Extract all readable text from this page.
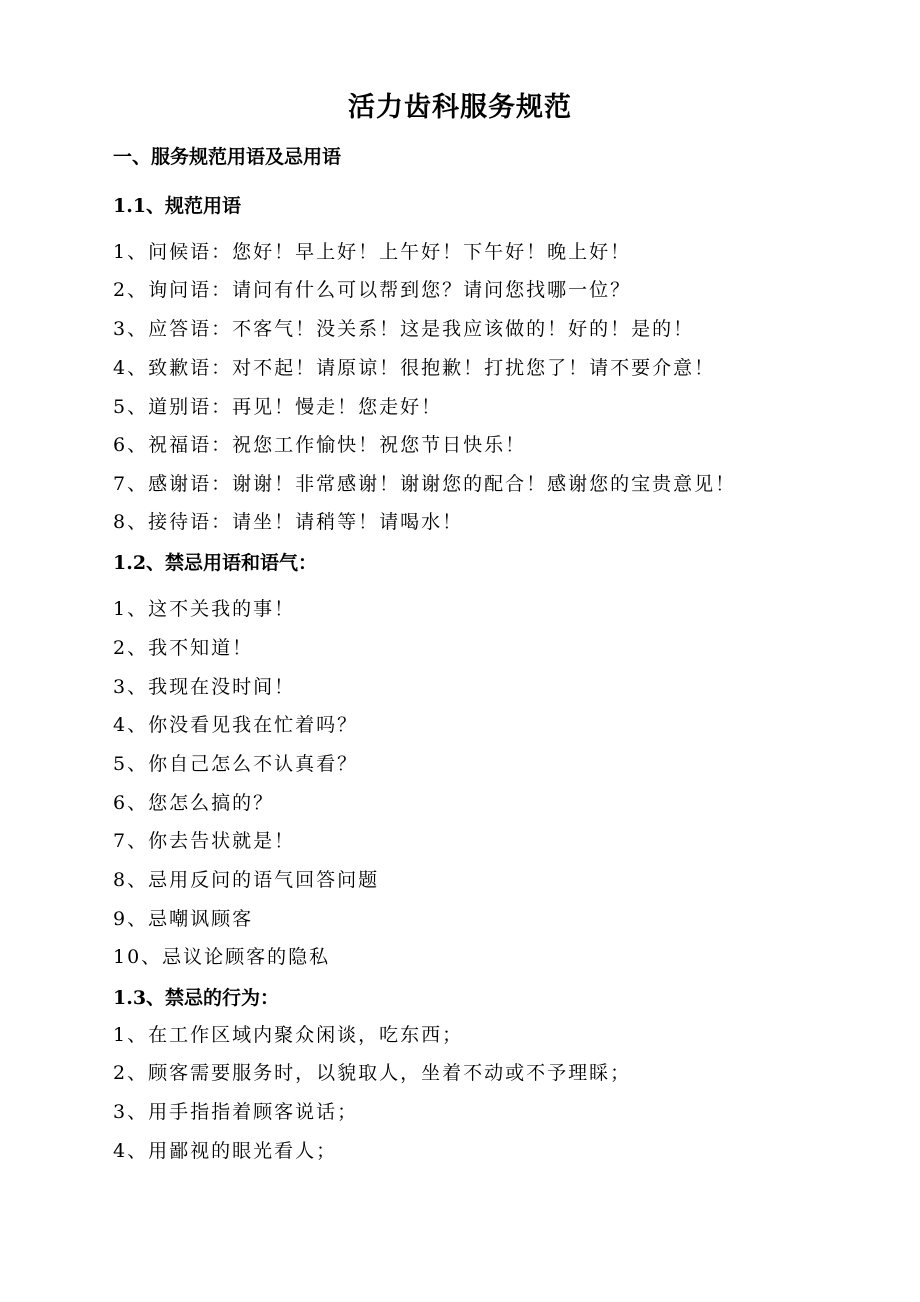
活力齿科服务规范
一、服务规范用语及忌用语
1.1、规范用语
1、问候语：您好！早上好！上午好！下午好！晚上好！
2、询问语：请问有什么可以帮到您？请问您找哪一位？
3、应答语：不客气！没关系！这是我应该做的！好的！是的！
4、致歉语：对不起！请原谅！很抱歉！打扰您了！请不要介意！
5、道别语：再见！慢走！您走好！
6、祝福语：祝您工作愉快！祝您节日快乐！
7、感谢语：谢谢！非常感谢！谢谢您的配合！感谢您的宝贵意见！
8、接待语：请坐！请稍等！请喝水！
1.2、禁忌用语和语气：
1、这不关我的事！
2、我不知道！
3、我现在没时间！
4、你没看见我在忙着吗？
5、你自己怎么不认真看？
6、您怎么搞的？
7、你去告状就是！
8、忌用反问的语气回答问题
9、忌嘲讽顾客
10、忌议论顾客的隐私
1.3、禁忌的行为：
1、在工作区域内聚众闲谈，吃东西；
2、顾客需要服务时，以貌取人，坐着不动或不予理睬；
3、用手指指着顾客说话；
4、用鄙视的眼光看人；
